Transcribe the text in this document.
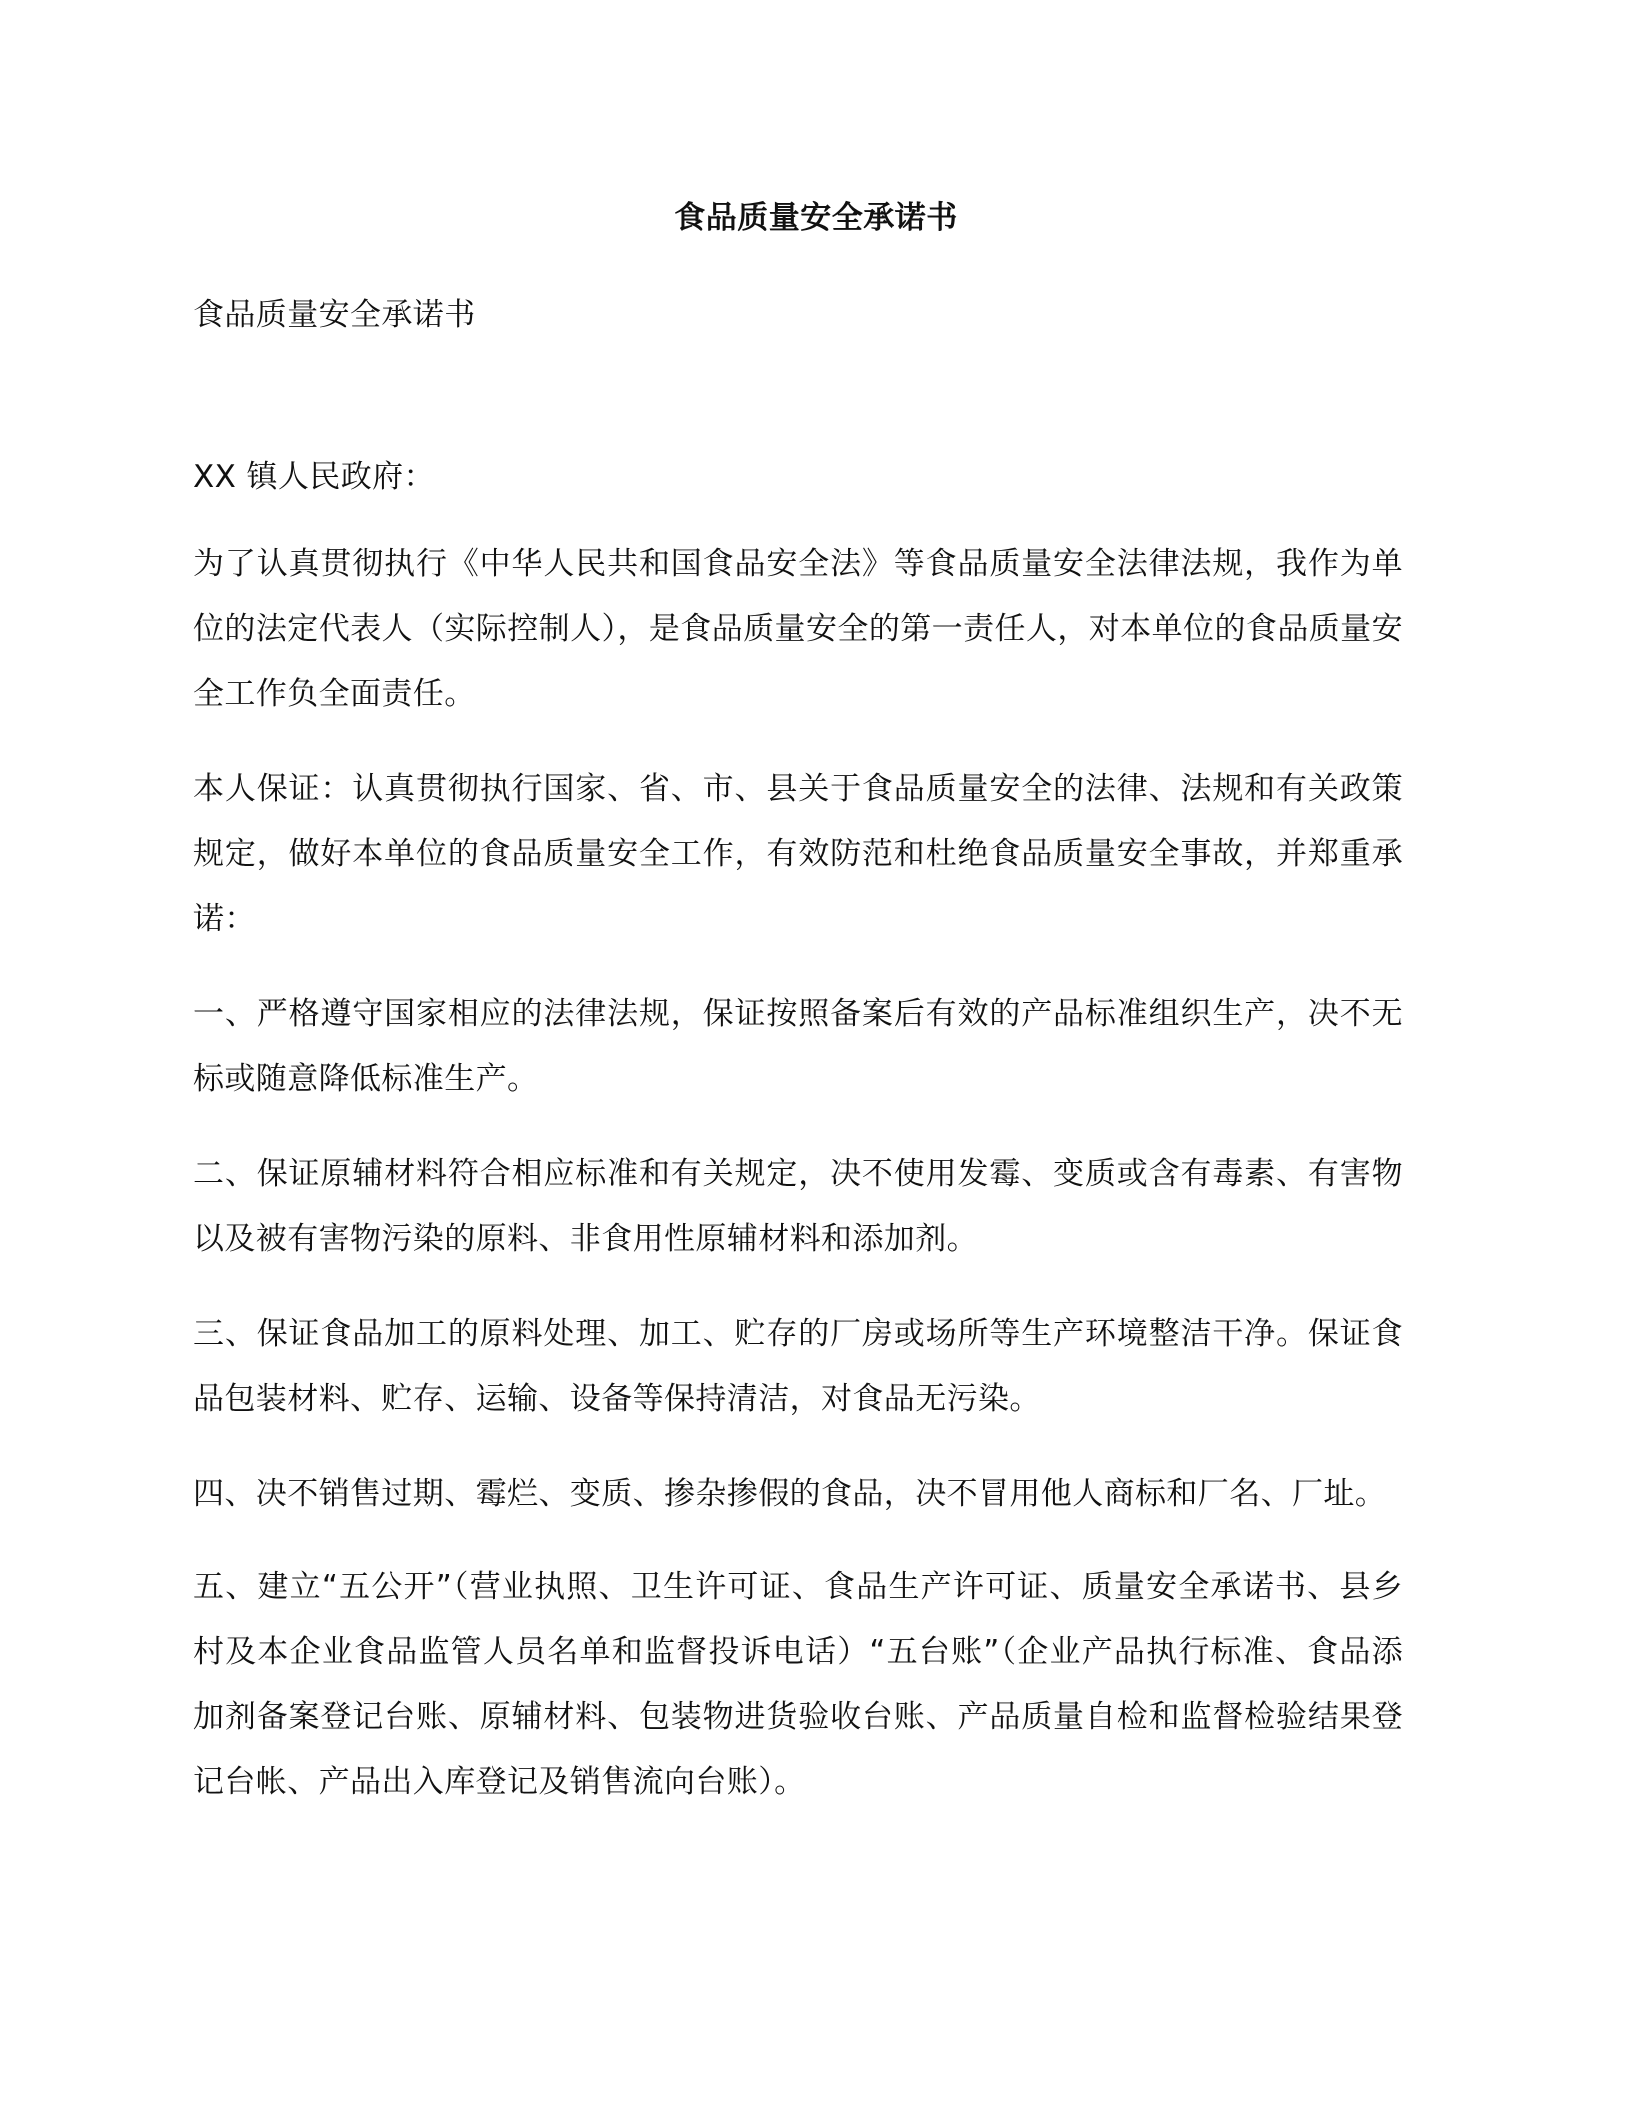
食品质量安全承诺书
食品质量安全承诺书
XX 镇人民政府：
为了认真贯彻执行《中华人民共和国食品安全法》等食品质量安全法律法规，我作为单位的法定代表人（实际控制人），是食品质量安全的第一责任人，对本单位的食品质量安全工作负全面责任。
本人保证：认真贯彻执行国家、省、市、县关于食品质量安全的法律、法规和有关政策规定，做好本单位的食品质量安全工作，有效防范和杜绝食品质量安全事故，并郑重承诺：
一、严格遵守国家相应的法律法规，保证按照备案后有效的产品标准组织生产，决不无标或随意降低标准生产。
二、保证原辅材料符合相应标准和有关规定，决不使用发霉、变质或含有毒素、有害物以及被有害物污染的原料、非食用性原辅材料和添加剂。
三、保证食品加工的原料处理、加工、贮存的厂房或场所等生产环境整洁干净。保证食品包装材料、贮存、运输、设备等保持清洁，对食品无污染。
四、决不销售过期、霉烂、变质、掺杂掺假的食品，决不冒用他人商标和厂名、厂址。
五、建立“五公开”（营业执照、卫生许可证、食品生产许可证、质量安全承诺书、县乡村及本企业食品监管人员名单和监督投诉电话）“五台账”（企业产品执行标准、食品添加剂备案登记台账、原辅材料、包装物进货验收台账、产品质量自检和监督检验结果登记台帐、产品出入库登记及销售流向台账）。
